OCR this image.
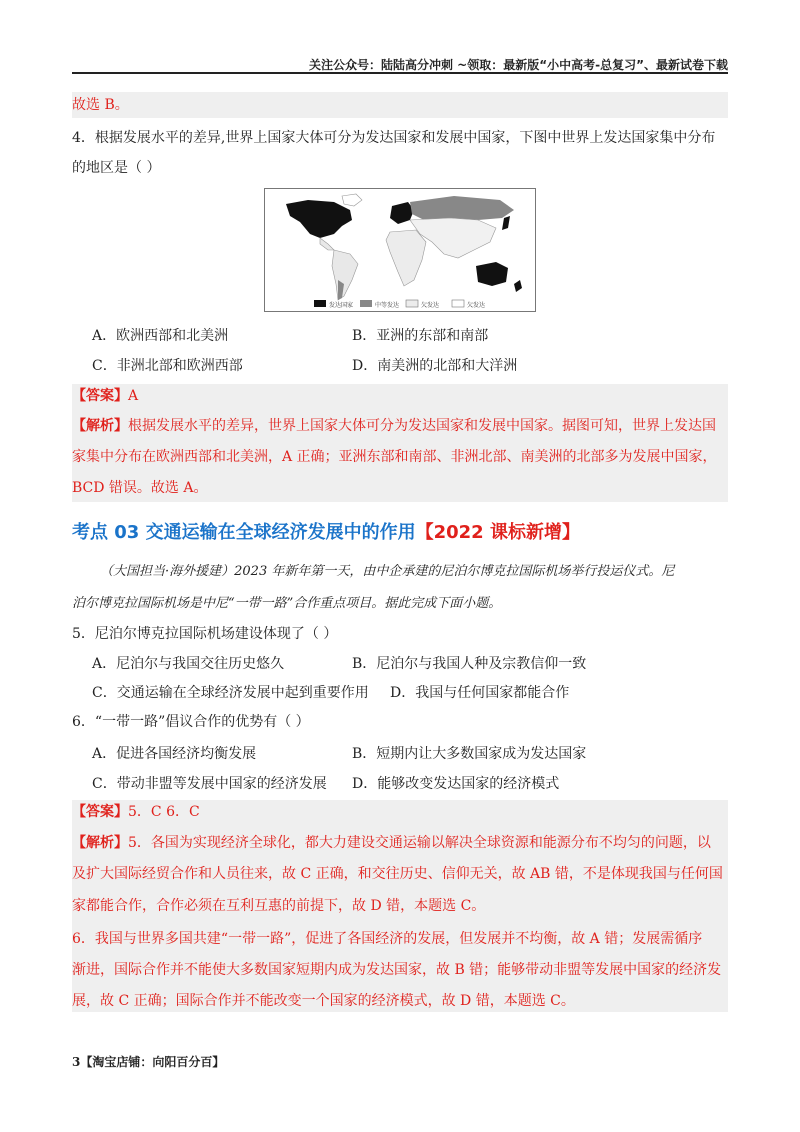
关注公众号：陆陆高分冲刺 ~领取：最新版“小中高考-总复习”、最新试卷下载
故选 B。
4．根据发展水平的差异,世界上国家大体可分为发达国家和发展中国家，下图中世界上发达国家集中分布
的地区是（ ）
发达国家	中等发达	欠发达	欠发达
A．欧洲西部和北美洲	B．亚洲的东部和南部
C．非洲北部和欧洲西部	D．南美洲的北部和大洋洲
【答案】A
【解析】根据发展水平的差异，世界上国家大体可分为发达国家和发展中国家。据图可知，世界上发达国
家集中分布在欧洲西部和北美洲，A 正确；亚洲东部和南部、非洲北部、南美洲的北部多为发展中国家，
BCD 错误。故选 A。
考点 03 交通运输在全球经济发展中的作用【2022 课标新增】
（大国担当·海外援建）2023 年新年第一天，由中企承建的尼泊尔博克拉国际机场举行投运仪式。尼
泊尔博克拉国际机场是中尼“一带一路”合作重点项目。据此完成下面小题。
5．尼泊尔博克拉国际机场建设体现了（ ）
A．尼泊尔与我国交往历史悠久	B．尼泊尔与我国人种及宗教信仰一致
C．交通运输在全球经济发展中起到重要作用 D．我国与任何国家都能合作
6．“一带一路”倡议合作的优势有（ ）
A．促进各国经济均衡发展	B．短期内让大多数国家成为发达国家
C．带动非盟等发展中国家的经济发展 D．能够改变发达国家的经济模式
【答案】5．C 6．C
【解析】5．各国为实现经济全球化，都大力建设交通运输以解决全球资源和能源分布不均匀的问题，以
及扩大国际经贸合作和人员往来，故 C 正确，和交往历史、信仰无关，故 AB 错，不是体现我国与任何国
家都能合作，合作必须在互利互惠的前提下，故 D 错，本题选 C。
6．我国与世界多国共建“一带一路”，促进了各国经济的发展，但发展并不均衡，故 A 错；发展需循序
渐进，国际合作并不能使大多数国家短期内成为发达国家，故 B 错；能够带动非盟等发展中国家的经济发
展，故 C 正确；国际合作并不能改变一个国家的经济模式，故 D 错，本题选 C。
3【淘宝店铺：向阳百分百】
